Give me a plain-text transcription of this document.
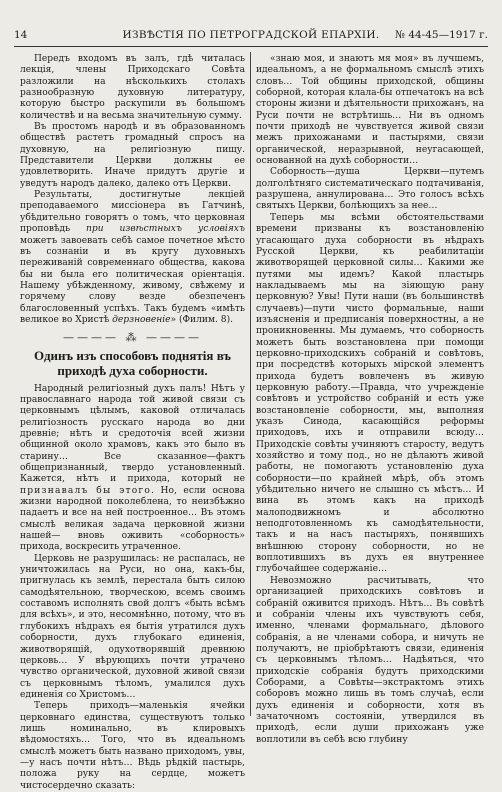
14	ИЗВѢСТІЯ ПО ПЕТРОГРАДСКОЙ ЕПАРХІИ.	№ 44-45—1917 г.

Передъ входомъ въ залъ, гдѣ читалась лекція, члены Приходскаго Совѣта разложили на нѣсколькихъ столахъ разнообразную духовную литературу, которую быстро раскупили въ большомъ количествѣ и на весьма значительную сумму.

Въ простомъ народѣ и въ образованномъ обществѣ растетъ громадный спросъ на духовную, на религіозную пищу. Представители Церкви должны ее удовлетворить. Иначе придутъ другіе и уведутъ народъ далеко, далеко отъ Церкви.

Результаты, достигнутые лекціей преподаваемого миссіонера въ Гатчинѣ, убѣдительно говорятъ о томъ, что церковная проповѣдь при извѣстныхъ условіяхъ можетъ завоевать себѣ самое почетное мѣсто въ сознаніи и въ кругу духовныхъ переживаній современнаго общества, какова бы ни была его политическая оріентація. Нашему убѣжденному, живому, свѣжему и горячему слову везде обезпеченъ благословенный успѣхъ. Такъ будемъ «имѣть великое во Христѣ дерзновеніе» (Филим. 8).

———— ⁂ ————
Одинъ изъ способовъ поднятія въ
приходѣ духа соборности.

Народный религіозный духъ палъ! Нѣтъ у православнаго народа той живой связи съ церковнымъ цѣлымъ, каковой отличалась религіозность русскаго народа во дни древніе; нѣтъ и средоточія всей жизни общинной около храмовъ, какъ это было въ старину… Все сказанное—фактъ общепризнанный, твердо установленный. Кажется, нѣтъ и прихода, который не признавалъ бы этого. Но, если основа жизни народной поколеблена, то неизбѣжно падаетъ и все на ней построенное… Въ этомъ смыслѣ великая задача церковной жизни нашей— вновь оживить «соборность» прихода, воскресить утраченное.

Церковь не разрушилась: не распалась, не уничтожилась на Руси, но она, какъ-бы, пригнулась къ землѣ, перестала быть силою самодѣятельною, творческою, всемъ своимъ составомъ исполнять свой долгъ «быть всѣмъ для всѣхъ», и это, несомнѣнно, потому, что въ глубокихъ нѣдрахъ ея бытія утратился духъ соборности, духъ глубокаго единенія, животворящій, одухотворявшій древнюю церковь… У вѣрующихъ почти утрачено чувство органической, духовной живой связи съ церковнымъ тѣломъ, умалился духъ единенія со Христомъ…

Теперь приходъ—маленькія ячейки церковнаго единства, существуютъ только лишь номинально, въ клировыхъ вѣдомостяхъ… Того, что въ идеальномъ смыслѣ можетъ быть названо приходомъ, увы,—у насъ почти нѣтъ… Вѣдь рѣдкій пастырь, положа руку на сердце, можетъ чистосердечно сказать:

«знаю моя, и знаютъ мя моя» въ лучшемъ, идеальномъ, а не формальномъ смыслѣ этихъ словъ… Той общины приходской, общины соборной, которая клала-бы отпечатокъ на всѣ стороны жизни и дѣятельности прихожанъ, на Руси почти не встрѣтишь… Ни въ одномъ почти приходѣ не чувствуется живой связи межъ прихожанами и пастырями, связи органической, неразрывной, неугасающей, основанной на духѣ соборности…

Соборность—душа Церкви—путемъ долголѣтняго систематическаго подтачиванія, разрушена, аннулирована… Это голосъ всѣхъ святыхъ Церкви, болѣющихъ за нее…

Теперь мы всѣми обстоятельствами времени призваны къ возстановленію угасающаго духа соборности въ нѣдрахъ Русской Церкви, къ реабилитаціи животворящей церковной силы… Какими же путями мы идемъ? Какой пластырь накладываемъ мы на зіяющую рану церковную? Увы! Пути наши (въ большинствѣ случаевъ)—пути чисто формальные, наши изъясненія и предписанія поверхностны, а не проникновенны. Мы думаемъ, что соборность можетъ быть возстановлена при помощи церковно-приходскихъ собраній и совѣтовъ, при посредствѣ которыхъ мірской элементъ прихода будетъ вовлеченъ въ живую церковную работу.—Правда, что учрежденіе совѣтовъ и устройство собраній и есть уже возстановленіе соборности, мы, выполняя указъ Синода, касающійся реформы приходовъ, ихъ и отправили всюду… Приходскіе совѣты учиняютъ старосту, ведутъ хозяйство и тому под., но не дѣлаютъ живой работы, не помогаютъ установленію духа соборности—по крайней мѣрѣ, объ этомъ убѣдительно ничего не слышно съ мѣстъ… И вина въ этомъ какъ на приходѣ малоподвижномъ и абсолютно неподготовленномъ къ самодѣятельности, такъ и на насъ пастыряхъ, понявшихъ внѣшнюю сторону соборности, но не воплотившихъ въ духъ ея внутреннее глубочайшее содержаніе…

Невозможно расчитывать, что организацией приходскихъ совѣтовъ и собраній оживится приходъ. Нѣтъ… Въ совѣтѣ и собраніи члены ихъ чувствуютъ себя, именно, членами формальнаго, дѣлового собранія, а не членами собора, и ничуть не получаютъ, не пріобрѣтаютъ связи, единенія съ церковнымъ тѣломъ… Надѣяться, что приходскіе собранія будутъ приходскими Соборами, а Совѣты—экстрактомъ этихъ соборовъ можно лишь въ томъ случаѣ, если духъ единенія и соборности, хотя въ зачаточномъ состояніи, утвердился въ приходѣ, если души прихожанъ уже воплотили въ себѣ всю глубину
